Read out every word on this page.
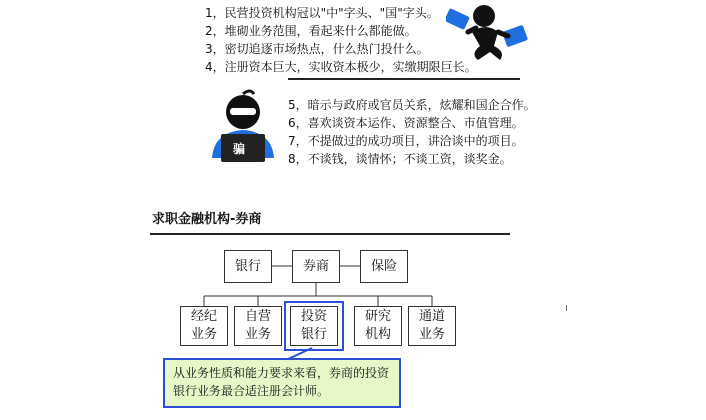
1，民营投资机构冠以"中"字头、"国"字头。
2，堆砌业务范围，看起来什么都能做。
3，密切追逐市场热点，什么热门投什么。
4，注册资本巨大，实收资本极少，实缴期限巨长。
骗
5，暗示与政府或官员关系，炫耀和国企合作。
6，喜欢谈资本运作、资源整合、市值管理。
7，不提做过的成功项目，讲洽谈中的项目。
8，不谈钱，谈情怀；不谈工资，谈奖金。
求职金融机构-券商
银行	券商	保险
经纪业务
自营业务
投资银行
研究机构
通道业务
从业务性质和能力要求来看，券商的投资银行业务最合适注册会计师。
